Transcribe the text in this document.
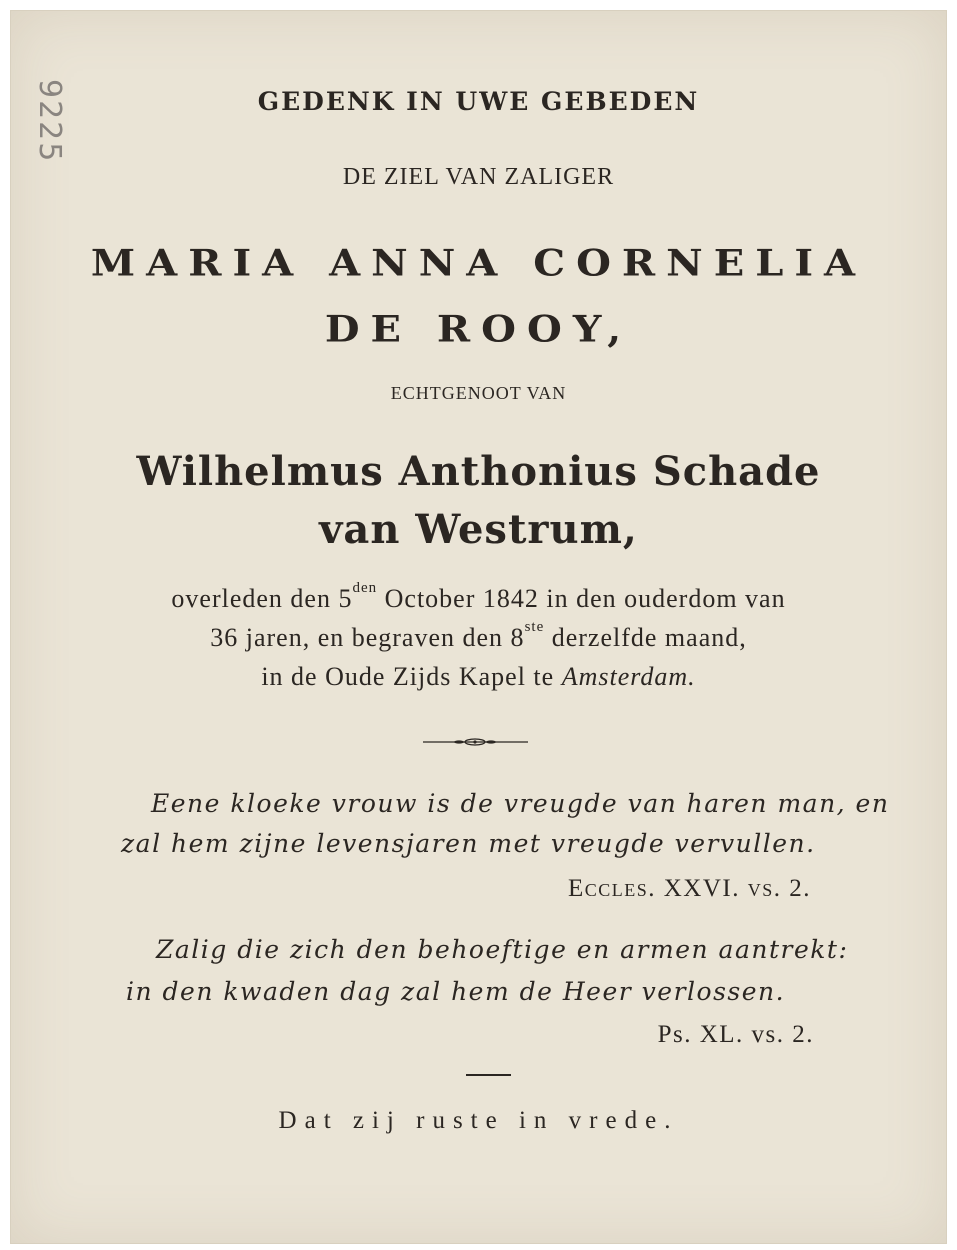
9225	GEDENK IN UWE GEBEDEN
DE ZIEL VAN ZALIGER
MARIA ANNA CORNELIA
DE ROOY,
ECHTGENOOT VAN
Wilhelmus Anthonius Schade
van Westrum,
overleden den $5^{den}$ October 1842 in den ouderdom van
36 jaren, en begraven den 8ste derzelfde maand,
in de Oude Zijds Kapel te Amsterdam.
Eene kloeke vrouw is de vreugde van haren man, en
zal hem zijne levensjaren met vreugde vervullen.
Eccles. XXVI. vs. 2.
Zalig die zich den behoeftige en armen aantrekt:
in den kwaden dag zal hem de Heer verlossen.
Ps. XL. vs. 2.
Dat zij ruste in vrede.
